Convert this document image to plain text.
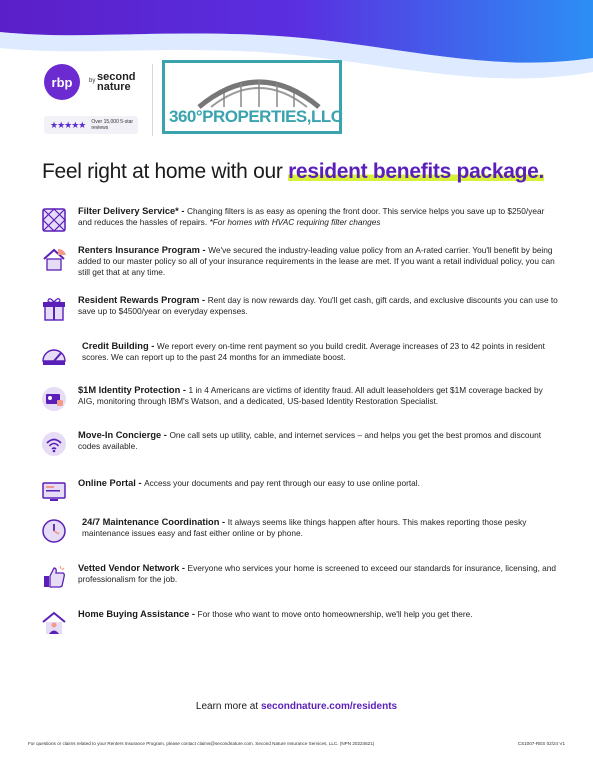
rbp	by second nature
★★★★★ Over 15,000 5-star reviews
360°PROPERTIES,LLC
Feel right at home with our resident benefits package.
Filter Delivery Service* - Changing filters is as easy as opening the front door. This service helps you save up to $250/year and reduces the hassles of repairs. *For homes with HVAC requiring filter changes
Renters Insurance Program - We've secured the industry-leading value policy from an A-rated carrier. You'll benefit by being added to our master policy so all of your insurance requirements in the lease are met. If you want a retail individual policy, you can still get that at any time.
Resident Rewards Program - Rent day is now rewards day. You'll get cash, gift cards, and exclusive discounts you can use to save up to $4500/year on everyday expenses.
Credit Building - We report every on-time rent payment so you build credit. Average increases of 23 to 42 points in resident scores. We can report up to the past 24 months for an immediate boost.
$1M Identity Protection - 1 in 4 Americans are victims of identity fraud. All adult leaseholders get $1M coverage backed by AIG, monitoring through IBM's Watson, and a dedicated, US-based Identity Restoration Specialist.
Move-In Concierge - One call sets up utility, cable, and internet services – and helps you get the best promos and discount codes available.
Online Portal - Access your documents and pay rent through our easy to use online portal.
24/7 Maintenance Coordination - It always seems like things happen after hours. This makes reporting those pesky maintenance issues easy and fast either online or by phone.
Vetted Vendor Network - Everyone who services your home is screened to exceed our standards for insurance, licensing, and professionalism for the job.
Home Buying Assistance - For those who want to move onto homeownership, we'll help you get there.
Learn more at secondnature.com/residents
For questions or claims related to your Renters Insurance Program, please contact claims@secondnature.com. Second Nature Insurance Services, LLC. (NPN 20224621)	CS1007-RES 02/24 V1
